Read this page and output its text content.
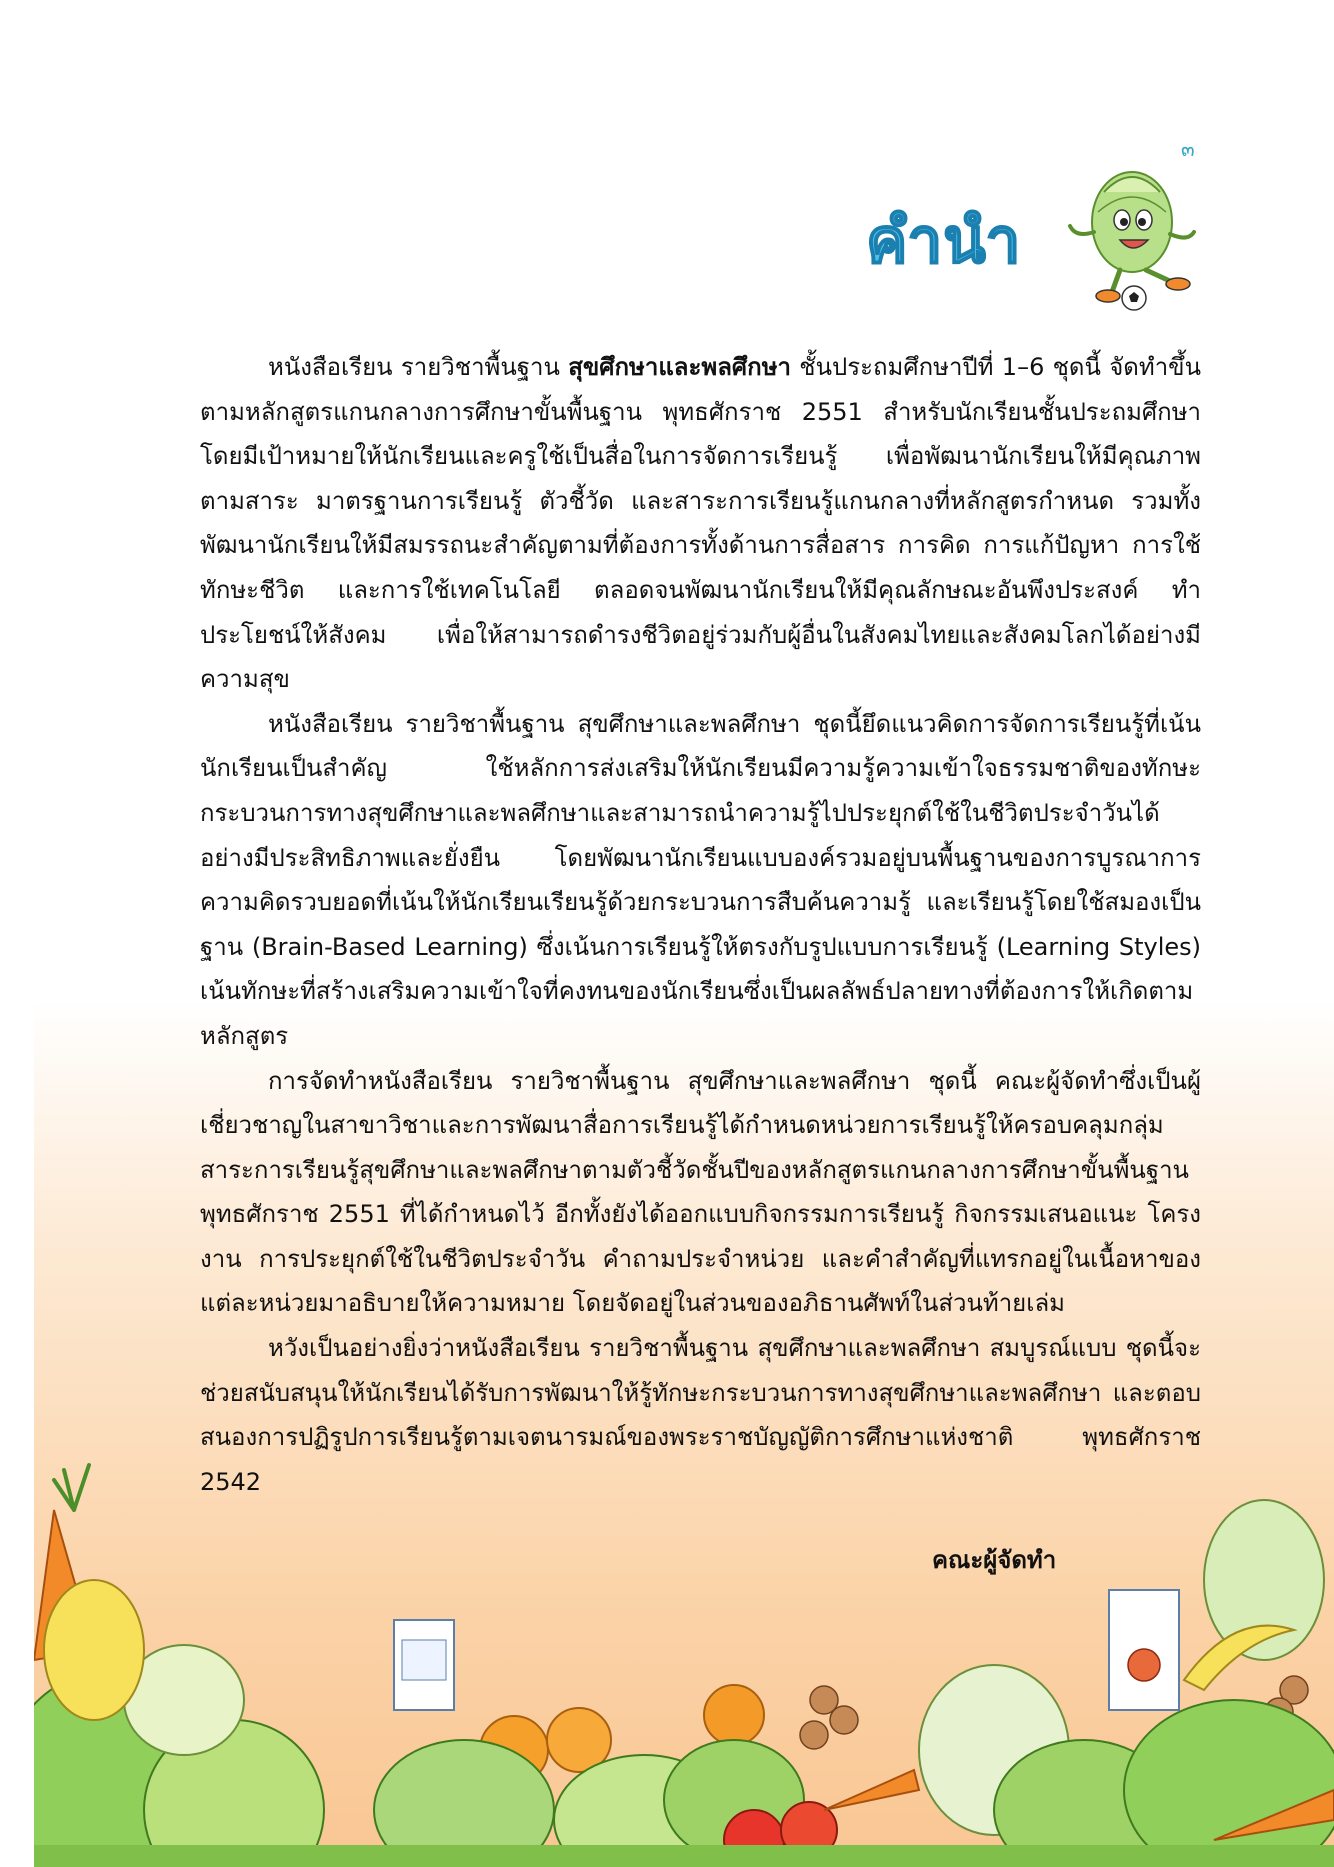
๓
คำนำ

หนังสือเรียน รายวิชาพื้นฐาน สุขศึกษาและพลศึกษา ชั้นประถมศึกษาปีที่ 1–6 ชุดนี้ จัดทำขึ้นตามหลักสูตรแกนกลางการศึกษาขั้นพื้นฐาน พุทธศักราช 2551 สำหรับนักเรียนชั้นประถมศึกษา โดยมีเป้าหมายให้นักเรียนและครูใช้เป็นสื่อในการจัดการเรียนรู้ เพื่อพัฒนานักเรียนให้มีคุณภาพตามสาระ มาตรฐานการเรียนรู้ ตัวชี้วัด และสาระการเรียนรู้แกนกลางที่หลักสูตรกำหนด รวมทั้งพัฒนานักเรียนให้มีสมรรถนะสำคัญตามที่ต้องการทั้งด้านการสื่อสาร การคิด การแก้ปัญหา การใช้ทักษะชีวิต และการใช้เทคโนโลยี ตลอดจนพัฒนานักเรียนให้มีคุณลักษณะอันพึงประสงค์ ทำประโยชน์ให้สังคม เพื่อให้สามารถดำรงชีวิตอยู่ร่วมกับผู้อื่นในสังคมไทยและสังคมโลกได้อย่างมีความสุข

หนังสือเรียน รายวิชาพื้นฐาน สุขศึกษาและพลศึกษา ชุดนี้ยึดแนวคิดการจัดการเรียนรู้ที่เน้นนักเรียนเป็นสำคัญ ใช้หลักการส่งเสริมให้นักเรียนมีความรู้ความเข้าใจธรรมชาติของทักษะกระบวนการทางสุขศึกษาและพลศึกษาและสามารถนำความรู้ไปประยุกต์ใช้ในชีวิตประจำวันได้อย่างมีประสิทธิภาพและยั่งยืน โดยพัฒนานักเรียนแบบองค์รวมอยู่บนพื้นฐานของการบูรณาการความคิดรวบยอดที่เน้นให้นักเรียนเรียนรู้ด้วยกระบวนการสืบค้นความรู้ และเรียนรู้โดยใช้สมองเป็นฐาน (Brain-Based Learning) ซึ่งเน้นการเรียนรู้ให้ตรงกับรูปแบบการเรียนรู้ (Learning Styles) เน้นทักษะที่สร้างเสริมความเข้าใจที่คงทนของนักเรียนซึ่งเป็นผลลัพธ์ปลายทางที่ต้องการให้เกิดตามหลักสูตร

การจัดทำหนังสือเรียน รายวิชาพื้นฐาน สุขศึกษาและพลศึกษา ชุดนี้ คณะผู้จัดทำซึ่งเป็นผู้เชี่ยวชาญในสาขาวิชาและการพัฒนาสื่อการเรียนรู้ได้กำหนดหน่วยการเรียนรู้ให้ครอบคลุมกลุ่มสาระการเรียนรู้สุขศึกษาและพลศึกษาตามตัวชี้วัดชั้นปีของหลักสูตรแกนกลางการศึกษาขั้นพื้นฐาน พุทธศักราช 2551 ที่ได้กำหนดไว้ อีกทั้งยังได้ออกแบบกิจกรรมการเรียนรู้ กิจกรรมเสนอแนะ โครงงาน การประยุกต์ใช้ในชีวิตประจำวัน คำถามประจำหน่วย และคำสำคัญที่แทรกอยู่ในเนื้อหาของแต่ละหน่วยมาอธิบายให้ความหมาย โดยจัดอยู่ในส่วนของอภิธานศัพท์ในส่วนท้ายเล่ม

หวังเป็นอย่างยิ่งว่าหนังสือเรียน รายวิชาพื้นฐาน สุขศึกษาและพลศึกษา สมบูรณ์แบบ ชุดนี้จะช่วยสนับสนุนให้นักเรียนได้รับการพัฒนาให้รู้ทักษะกระบวนการทางสุขศึกษาและพลศึกษา และตอบสนองการปฏิรูปการเรียนรู้ตามเจตนารมณ์ของพระราชบัญญัติการศึกษาแห่งชาติ พุทธศักราช 2542

คณะผู้จัดทำ
